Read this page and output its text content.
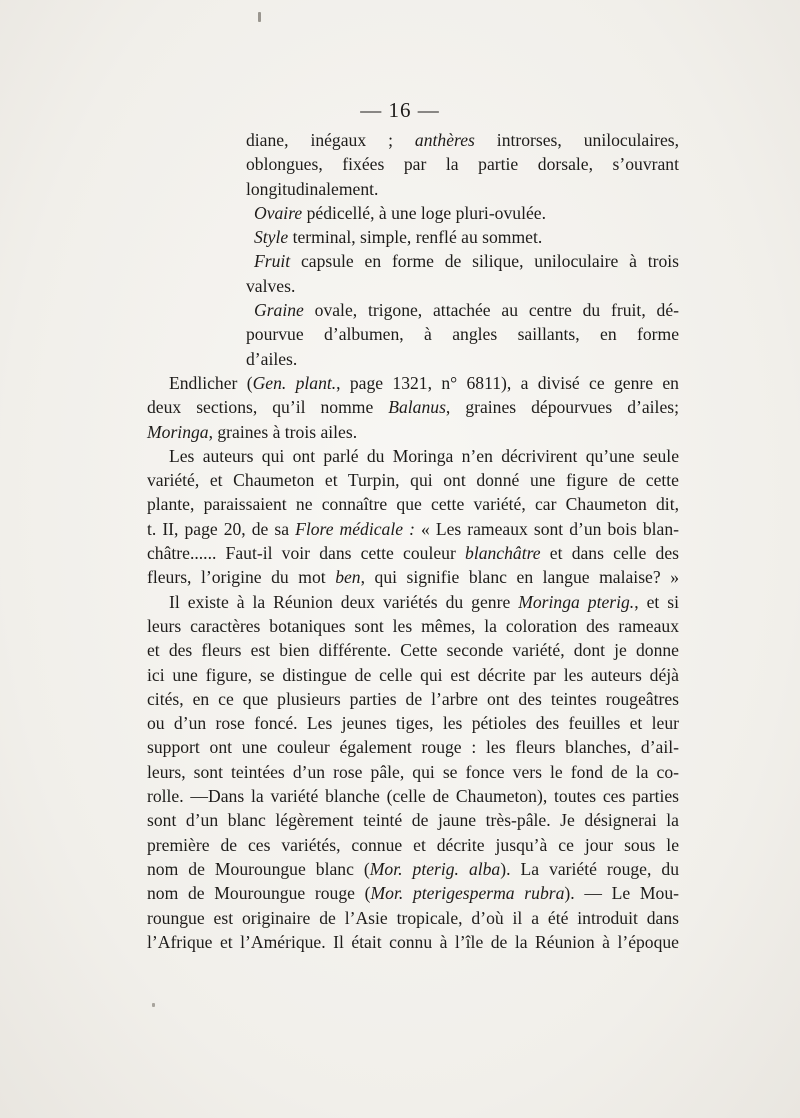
— 16 —
diane, inégaux ; anthères introrses, uniloculaires,
oblongues, fixées par la partie dorsale, s’ouvrant
longitudinalement.
Ovaire pédicellé, à une loge pluri-ovulée.
Style terminal, simple, renflé au sommet.
Fruit capsule en forme de silique, uniloculaire à trois
valves.
Graine ovale, trigone, attachée au centre du fruit, dé-
pourvue d’albumen, à angles saillants, en forme
d’ailes.
Endlicher (Gen. plant., page 1321, n° 6811), a divisé ce genre en
deux sections, qu’il nomme Balanus, graines dépourvues d’ailes;
Moringa, graines à trois ailes.
Les auteurs qui ont parlé du Moringa n’en décrivirent qu’une seule
variété, et Chaumeton et Turpin, qui ont donné une figure de cette
plante, paraissaient ne connaître que cette variété, car Chaumeton dit,
t. II, page 20, de sa Flore médicale : « Les rameaux sont d’un bois blan-
châtre...... Faut-il voir dans cette couleur blanchâtre et dans celle des
fleurs, l’origine du mot ben, qui signifie blanc en langue malaise? »
Il existe à la Réunion deux variétés du genre Moringa pterig., et si
leurs caractères botaniques sont les mêmes, la coloration des rameaux
et des fleurs est bien différente. Cette seconde variété, dont je donne
ici une figure, se distingue de celle qui est décrite par les auteurs déjà
cités, en ce que plusieurs parties de l’arbre ont des teintes rougeâtres
ou d’un rose foncé. Les jeunes tiges, les pétioles des feuilles et leur
support ont une couleur également rouge : les fleurs blanches, d’ail-
leurs, sont teintées d’un rose pâle, qui se fonce vers le fond de la co-
rolle. —Dans la variété blanche (celle de Chaumeton), toutes ces parties
sont d’un blanc légèrement teinté de jaune très-pâle. Je désignerai la
première de ces variétés, connue et décrite jusqu’à ce jour sous le
nom de Mouroungue blanc (Mor. pterig. alba). La variété rouge, du
nom de Mouroungue rouge (Mor. pterigesperma rubra). — Le Mou-
roungue est originaire de l’Asie tropicale, d’où il a été introduit dans
l’Afrique et l’Amérique. Il était connu à l’île de la Réunion à l’époque
